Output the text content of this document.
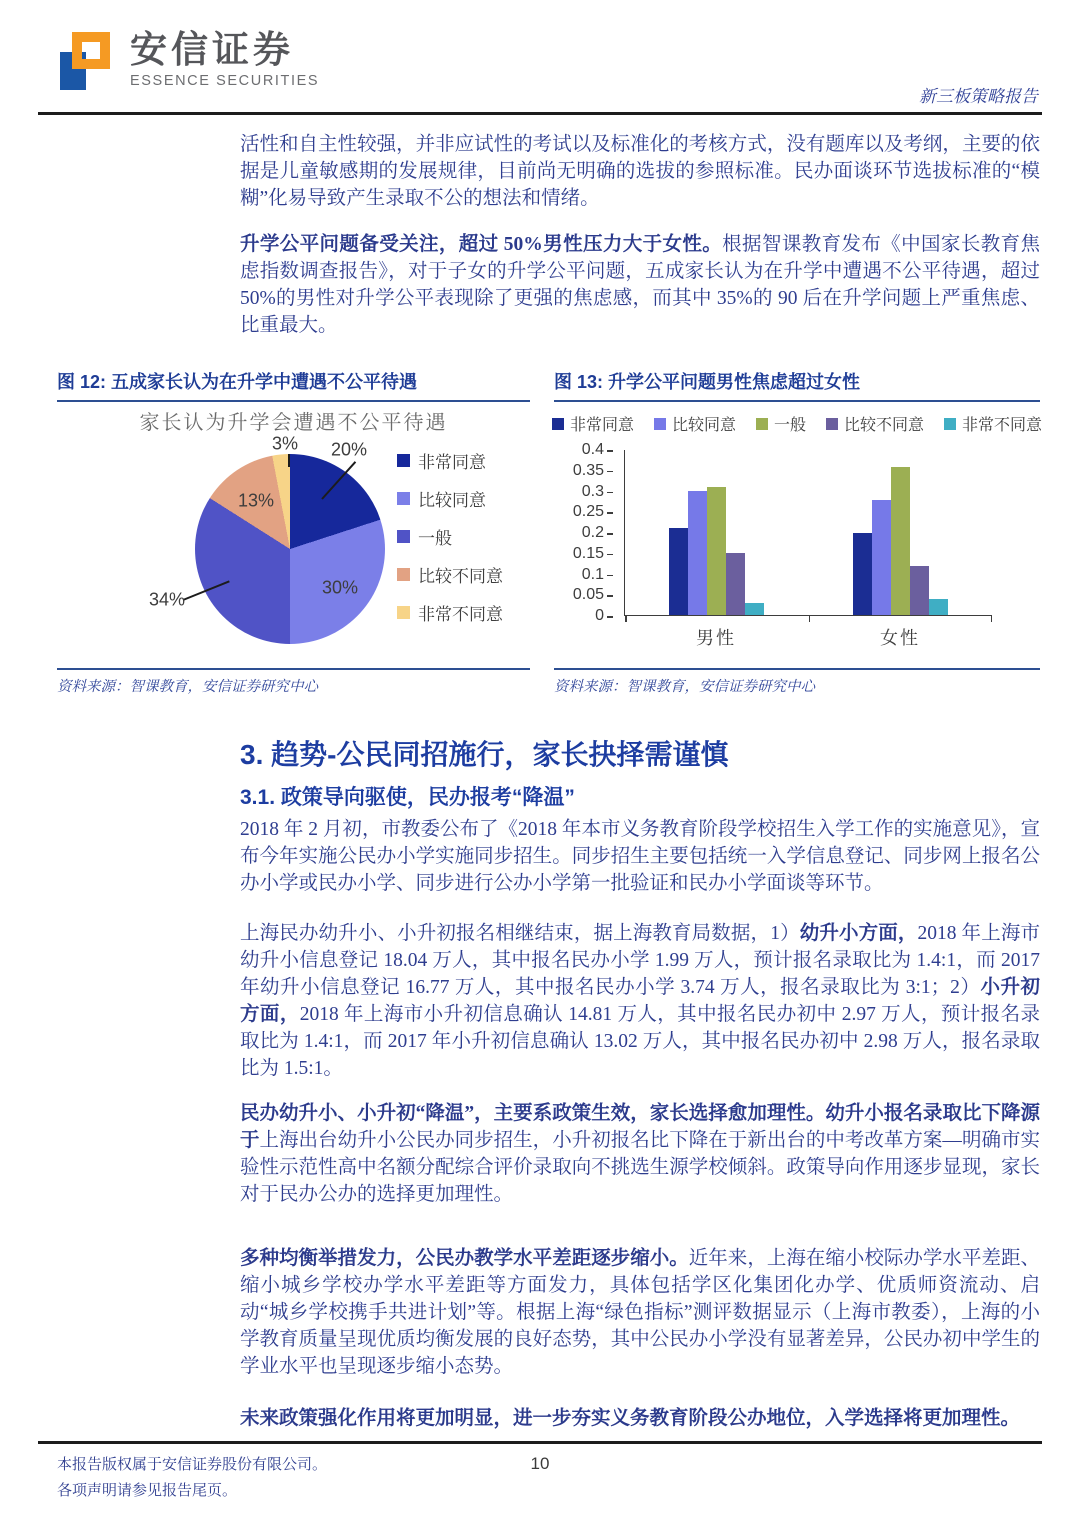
安信证券
ESSENCE SECURITIES
新三板策略报告
活性和自主性较强，并非应试性的考试以及标准化的考核方式，没有题库以及考纲，主要的依据是儿童敏感期的发展规律，目前尚无明确的选拔的参照标准。民办面谈环节选拔标准的“模糊”化易导致产生录取不公的想法和情绪。
升学公平问题备受关注，超过 50%男性压力大于女性。根据智课教育发布《中国家长教育焦虑指数调查报告》，对于子女的升学公平问题，五成家长认为在升学中遭遇不公平待遇，超过 50%的男性对升学公平表现除了更强的焦虑感，而其中 35%的 90 后在升学问题上严重焦虑、比重最大。
图 12: 五成家长认为在升学中遭遇不公平待遇
家长认为升学会遭遇不公平待遇
20%
30%
34%
13%
3%
非常同意
比较同意
一般
比较不同意
非常不同意
资料来源：智课教育，安信证券研究中心
图 13: 升学公平问题男性焦虑超过女性
非常同意 比较同意 一般 比较不同意 非常不同意
0.4
0.35
0.3
0.25
0.2
0.15
0.1
0.05
0
男性	女性
资料来源：智课教育，安信证券研究中心
3. 趋势-公民同招施行，家长抉择需谨慎
3.1. 政策导向驱使，民办报考“降温”
2018 年 2 月初，市教委公布了《2018 年本市义务教育阶段学校招生入学工作的实施意见》，宣布今年实施公民办小学实施同步招生。同步招生主要包括统一入学信息登记、同步网上报名公办小学或民办小学、同步进行公办小学第一批验证和民办小学面谈等环节。
上海民办幼升小、小升初报名相继结束，据上海教育局数据，1）幼升小方面，2018 年上海市幼升小信息登记 18.04 万人，其中报名民办小学 1.99 万人，预计报名录取比为 1.4:1，而 2017 年幼升小信息登记 16.77 万人，其中报名民办小学 3.74 万人，报名录取比为 3:1；2）小升初方面，2018 年上海市小升初信息确认 14.81 万人，其中报名民办初中 2.97 万人，预计报名录取比为 1.4:1，而 2017 年小升初信息确认 13.02 万人，其中报名民办初中 2.98 万人，报名录取比为 1.5:1。
民办幼升小、小升初“降温”，主要系政策生效，家长选择愈加理性。幼升小报名录取比下降源于上海出台幼升小公民办同步招生，小升初报名比下降在于新出台的中考改革方案—明确市实验性示范性高中名额分配综合评价录取向不挑选生源学校倾斜。政策导向作用逐步显现，家长对于民办公办的选择更加理性。
多种均衡举措发力，公民办教学水平差距逐步缩小。近年来，上海在缩小校际办学水平差距、缩小城乡学校办学水平差距等方面发力，具体包括学区化集团化办学、优质师资流动、启动“城乡学校携手共进计划”等。根据上海“绿色指标”测评数据显示（上海市教委），上海的小学教育质量呈现优质均衡发展的良好态势，其中公民办小学没有显著差异，公民办初中学生的学业水平也呈现逐步缩小态势。
未来政策强化作用将更加明显，进一步夯实义务教育阶段公办地位，入学选择将更加理性。
本报告版权属于安信证券股份有限公司。
各项声明请参见报告尾页。
10
